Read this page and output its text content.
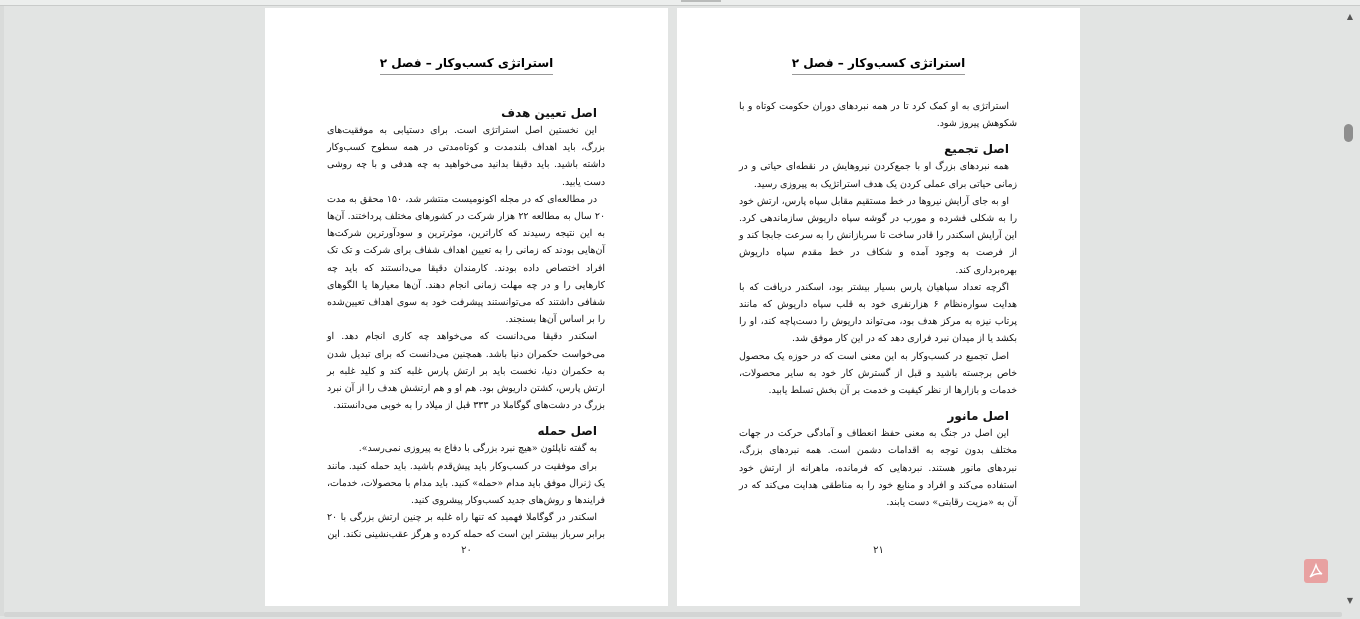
استراتژی کسب‌وکار – فصل ۲
اصل تعیین هدف
این نخستین اصل استراتژی است. برای دستیابی به موفقیت‌های بزرگ، باید اهداف بلندمدت و کوتاه‌مدتی در همه سطوح کسب‌وکار داشته باشید. باید دقیقا بدانید می‌خواهید به چه هدفی و با چه روشی دست یابید.
در مطالعه‌ای که در مجله اکونومیست منتشر شد، ۱۵۰ محقق به مدت ۲۰ سال به مطالعه ۲۲ هزار شرکت در کشورهای مختلف پرداختند. آن‌ها به این نتیجه رسیدند که کاراترین، موثرترین و سودآورترین شرکت‌ها آن‌هایی بودند که زمانی را به تعیین اهداف شفاف برای شرکت و تک تک افراد اختصاص داده بودند. کارمندان دقیقا می‌دانستند که باید چه کارهایی را و در چه مهلت زمانی انجام دهند. آن‌ها معیارها یا الگوهای شفافی داشتند که می‌توانستند پیشرفت خود به سوی اهداف تعیین‌شده را بر اساس آن‌ها بسنجند.
اسکندر دقیقا می‌دانست که می‌خواهد چه کاری انجام دهد. او می‌خواست حکمران دنیا باشد. همچنین می‌دانست که برای تبدیل شدن به حکمران دنیا، نخست باید بر ارتش پارس غلبه کند و کلید غلبه بر ارتش پارس، کشتن داریوش بود. هم او و هم ارتشش هدف را از آن نبرد بزرگ در دشت‌های گوگاملا در ۳۳۳ قبل از میلاد را به خوبی می‌دانستند.
اصل حمله
به گفته ناپلئون «هیچ نبرد بزرگی با دفاع به پیروزی نمی‌رسد».
برای موفقیت در کسب‌وکار باید پیش‌قدم باشید. باید حمله کنید. مانند یک ژنرال موفق باید مدام «حمله» کنید. باید مدام با محصولات، خدمات، فرایندها و روش‌های جدید کسب‌وکار پیشروی کنید.
اسکندر در گوگاملا فهمید که تنها راه غلبه بر چنین ارتش بزرگی با ۲۰ برابر سرباز بیشتر این است که حمله کرده و هرگز عقب‌نشینی نکند. این
۲۰
استراتژی کسب‌وکار – فصل ۲
استراتژی به او کمک کرد تا در همه نبردهای دوران حکومت کوتاه و با شکوهش پیروز شود.
اصل تجمیع
همه نبردهای بزرگ او با جمع‌کردن نیروهایش در نقطه‌ای حیاتی و در زمانی حیاتی برای عملی کردن یک هدف استراتژیک به پیروزی رسید.
او به جای آرایش نیروها در خط مستقیم مقابل سپاه پارس، ارتش خود را به شکلی فشرده و مورب در گوشه سپاه داریوش سازماندهی کرد. این آرایش اسکندر را قادر ساخت تا سربازانش را به سرعت جابجا کند و از فرصت به وجود آمده و شکاف در خط مقدم سپاه داریوش بهره‌برداری کند.
اگرچه تعداد سپاهیان پارس بسیار بیشتر بود، اسکندر دریافت که با هدایت سواره‌نظام ۶ هزارنفری خود به قلب سپاه داریوش که مانند پرتاب نیزه به مرکز هدف بود، می‌تواند داریوش را دست‌پاچه کند، او را بکشد یا از میدان نبرد فراری دهد که در این کار موفق شد.
اصل تجمیع در کسب‌وکار به این معنی است که در حوزه یک محصول خاص برجسته باشید و قبل از گسترش کار خود به سایر محصولات، خدمات و بازارها از نظر کیفیت و خدمت بر آن بخش تسلط یابید.
اصل مانور
این اصل در جنگ به معنی حفظ انعطاف و آمادگی حرکت در جهات مختلف بدون توجه به اقدامات دشمن است. همه نبردهای بزرگ، نبردهای مانور هستند. نبردهایی که فرمانده، ماهرانه از ارتش خود استفاده می‌کند و افراد و منابع خود را به مناطقی هدایت می‌کند که در آن به «مزیت رقابتی» دست یابند.
۲۱
▲
▼
